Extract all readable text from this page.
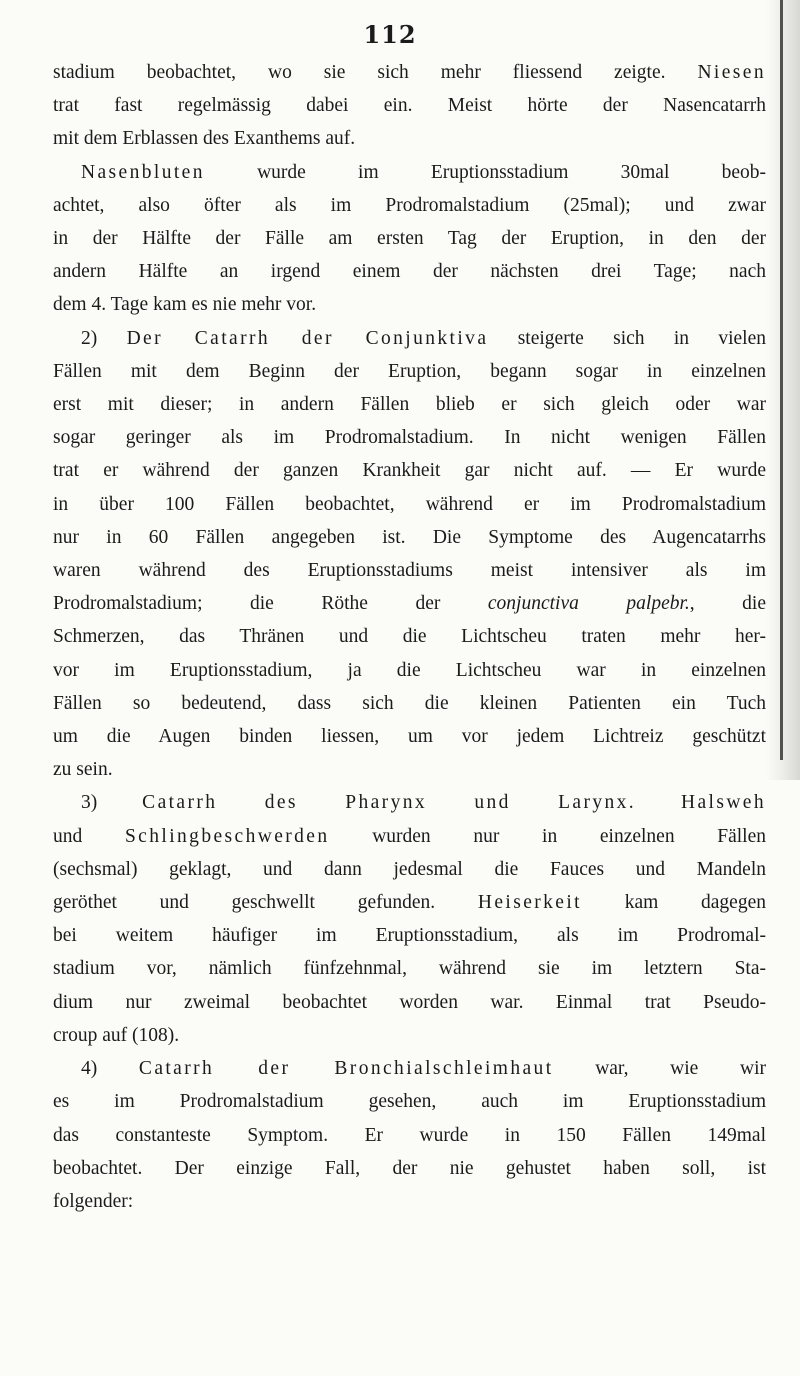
112
stadium beobachtet, wo sie sich mehr fliessend zeigte. Niesen
trat fast regelmässig dabei ein. Meist hörte der Nasencatarrh
mit dem Erblassen des Exanthems auf.
Nasenbluten wurde im Eruptionsstadium 30mal beob-
achtet, also öfter als im Prodromalstadium (25mal); und zwar
in der Hälfte der Fälle am ersten Tag der Eruption, in den der
andern Hälfte an irgend einem der nächsten drei Tage; nach
dem 4. Tage kam es nie mehr vor.
2) Der Catarrh der Conjunktiva steigerte sich in vielen
Fällen mit dem Beginn der Eruption, begann sogar in einzelnen
erst mit dieser; in andern Fällen blieb er sich gleich oder war
sogar geringer als im Prodromalstadium. In nicht wenigen Fällen
trat er während der ganzen Krankheit gar nicht auf. — Er wurde
in über 100 Fällen beobachtet, während er im Prodromalstadium
nur in 60 Fällen angegeben ist. Die Symptome des Augencatarrhs
waren während des Eruptionsstadiums meist intensiver als im
Prodromalstadium; die Röthe der conjunctiva palpebr., die
Schmerzen, das Thränen und die Lichtscheu traten mehr her-
vor im Eruptionsstadium, ja die Lichtscheu war in einzelnen
Fällen so bedeutend, dass sich die kleinen Patienten ein Tuch
um die Augen binden liessen, um vor jedem Lichtreiz geschützt
zu sein.
3) Catarrh des Pharynx und Larynx. Halsweh
und Schlingbeschwerden wurden nur in einzelnen Fällen
(sechsmal) geklagt, und dann jedesmal die Fauces und Mandeln
geröthet und geschwellt gefunden. Heiserkeit kam dagegen
bei weitem häufiger im Eruptionsstadium, als im Prodromal-
stadium vor, nämlich fünfzehnmal, während sie im letztern Sta-
dium nur zweimal beobachtet worden war. Einmal trat Pseudo-
croup auf (108).
4) Catarrh der Bronchialschleimhaut war, wie wir
es im Prodromalstadium gesehen, auch im Eruptionsstadium
das constanteste Symptom. Er wurde in 150 Fällen 149mal
beobachtet. Der einzige Fall, der nie gehustet haben soll, ist
folgender:
